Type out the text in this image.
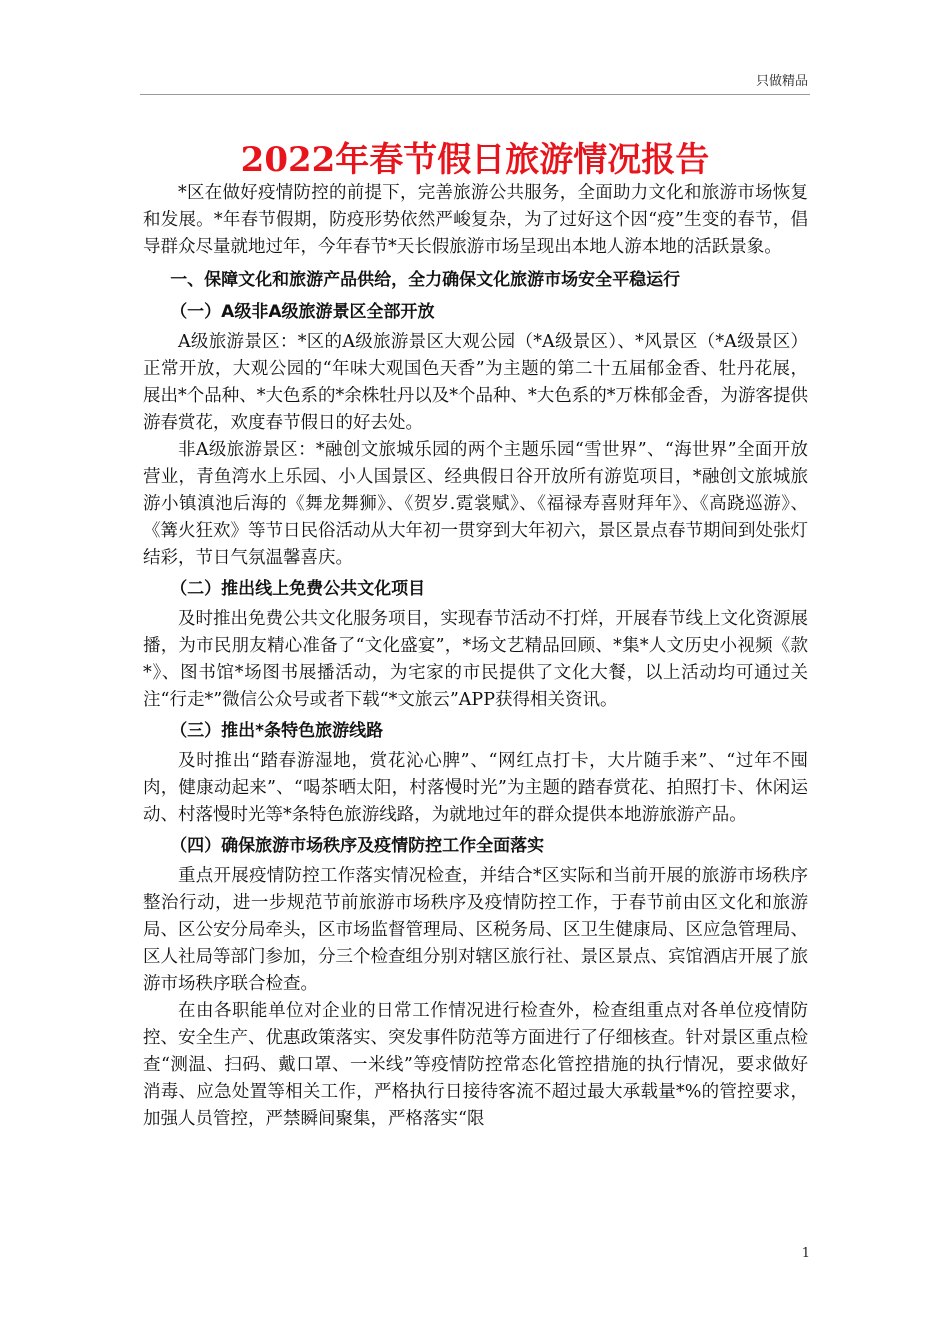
只做精品
2022年春节假日旅游情况报告

*区在做好疫情防控的前提下，完善旅游公共服务，全面助力文化和旅游市场恢复和发展。*年春节假期，防疫形势依然严峻复杂，为了过好这个因“疫”生变的春节，倡导群众尽量就地过年，今年春节*天长假旅游市场呈现出本地人游本地的活跃景象。

一、保障文化和旅游产品供给，全力确保文化旅游市场安全平稳运行

（一）A级非A级旅游景区全部开放

A级旅游景区：*区的A级旅游景区大观公园（*A级景区）、*风景区（*A级景区）正常开放，大观公园的“年味大观国色天香”为主题的第二十五届郁金香、牡丹花展，展出*个品种、*大色系的*余株牡丹以及*个品种、*大色系的*万株郁金香，为游客提供游春赏花，欢度春节假日的好去处。

非A级旅游景区：*融创文旅城乐园的两个主题乐园“雪世界”、“海世界”全面开放营业，青鱼湾水上乐园、小人国景区、经典假日谷开放所有游览项目，*融创文旅城旅游小镇滇池后海的《舞龙舞狮》、《贺岁.霓裳赋》、《福禄寿喜财拜年》、《高跷巡游》、《篝火狂欢》等节日民俗活动从大年初一贯穿到大年初六，景区景点春节期间到处张灯结彩，节日气氛温馨喜庆。

（二）推出线上免费公共文化项目

及时推出免费公共文化服务项目，实现春节活动不打烊，开展春节线上文化资源展播，为市民朋友精心准备了“文化盛宴”，*场文艺精品回顾、*集*人文历史小视频《款*》、图书馆*场图书展播活动，为宅家的市民提供了文化大餐，以上活动均可通过关注“行走*”微信公众号或者下载“*文旅云”APP获得相关资讯。

（三）推出*条特色旅游线路

及时推出“踏春游湿地，赏花沁心脾”、“网红点打卡，大片随手来”、“过年不囤肉，健康动起来”、“喝茶晒太阳，村落慢时光”为主题的踏春赏花、拍照打卡、休闲运动、村落慢时光等*条特色旅游线路，为就地过年的群众提供本地游旅游产品。

（四）确保旅游市场秩序及疫情防控工作全面落实

重点开展疫情防控工作落实情况检查，并结合*区实际和当前开展的旅游市场秩序整治行动，进一步规范节前旅游市场秩序及疫情防控工作，于春节前由区文化和旅游局、区公安分局牵头，区市场监督管理局、区税务局、区卫生健康局、区应急管理局、区人社局等部门参加，分三个检查组分别对辖区旅行社、景区景点、宾馆酒店开展了旅游市场秩序联合检查。

在由各职能单位对企业的日常工作情况进行检查外，检查组重点对各单位疫情防控、安全生产、优惠政策落实、突发事件防范等方面进行了仔细核查。针对景区重点检查“测温、扫码、戴口罩、一米线”等疫情防控常态化管控措施的执行情况，要求做好消毒、应急处置等相关工作，严格执行日接待客流不超过最大承载量*%的管控要求，加强人员管控，严禁瞬间聚集，严格落实“限

1
